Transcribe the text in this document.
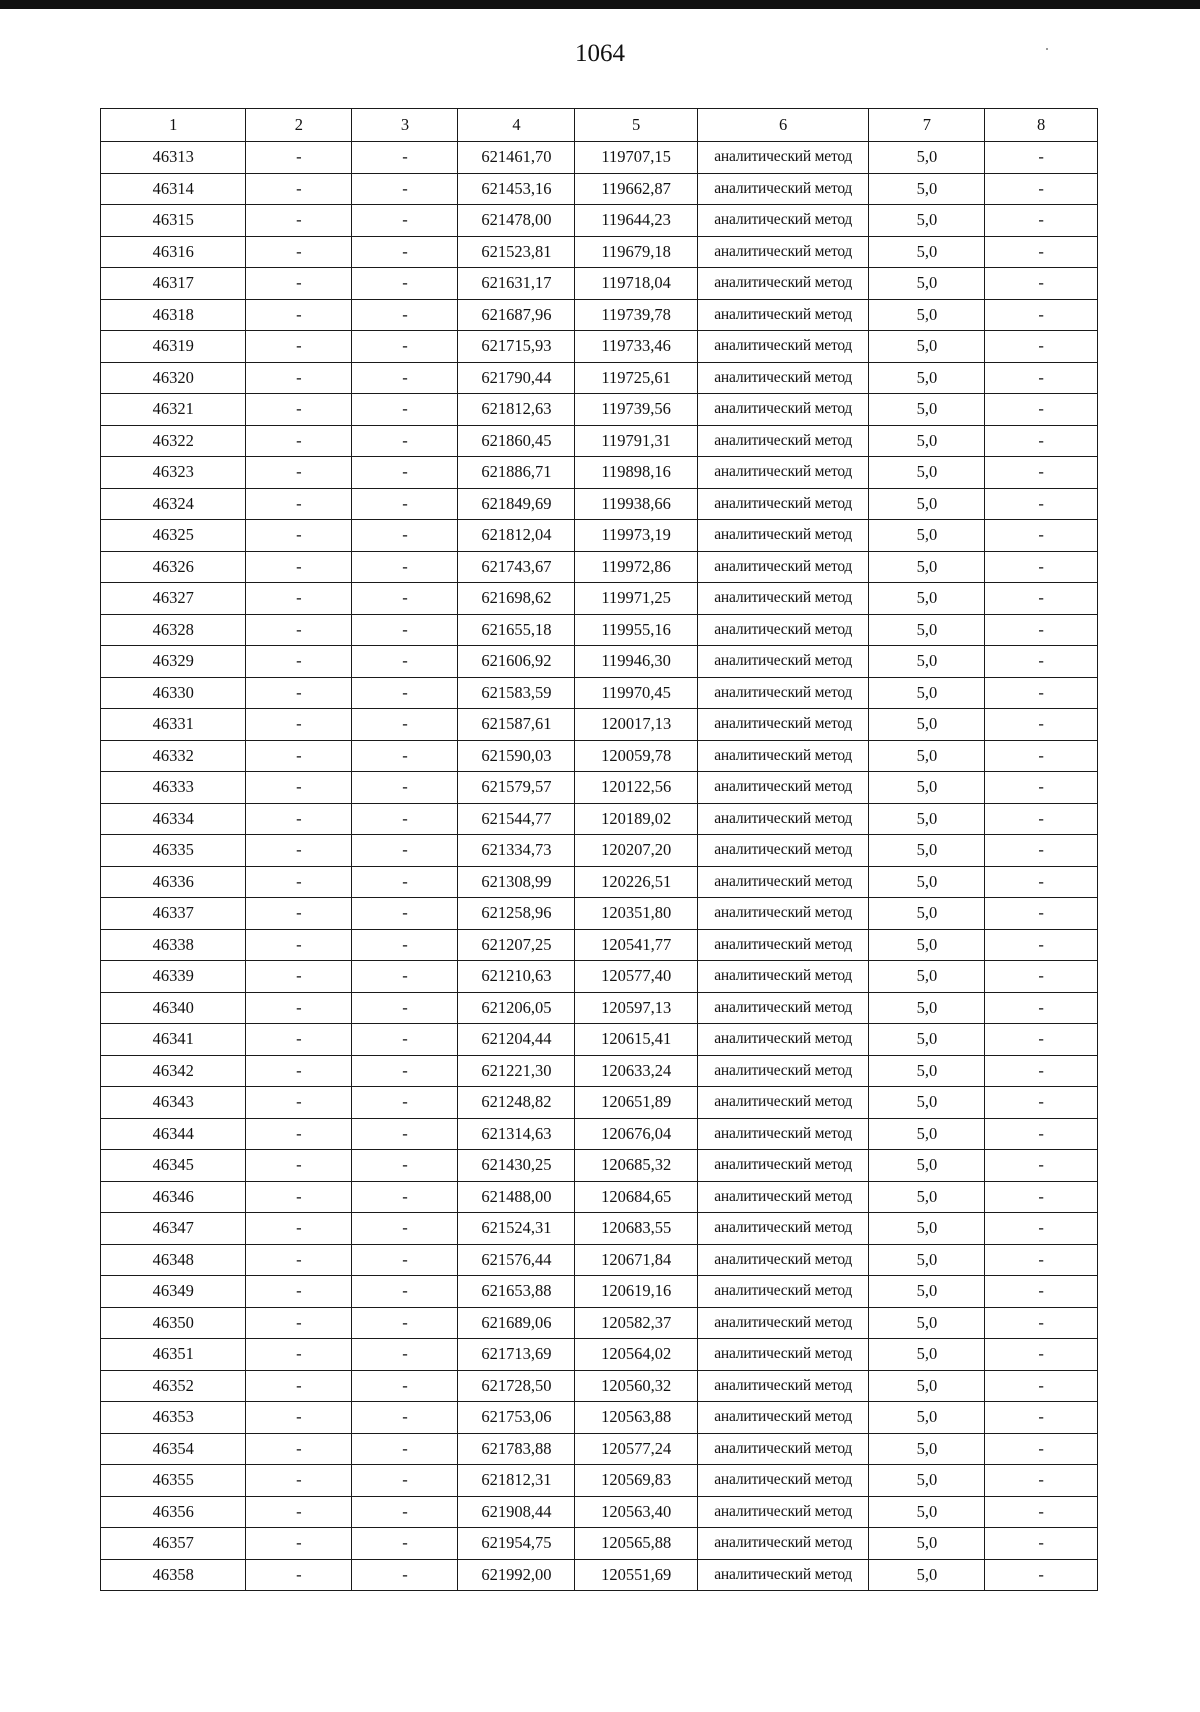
1064
1	2	3	4	5	6	7	8
46313	-	-	621461,70	119707,15	аналитический метод	5,0	-
46314	-	-	621453,16	119662,87	аналитический метод	5,0	-
46315	-	-	621478,00	119644,23	аналитический метод	5,0	-
46316	-	-	621523,81	119679,18	аналитический метод	5,0	-
46317	-	-	621631,17	119718,04	аналитический метод	5,0	-
46318	-	-	621687,96	119739,78	аналитический метод	5,0	-
46319	-	-	621715,93	119733,46	аналитический метод	5,0	-
46320	-	-	621790,44	119725,61	аналитический метод	5,0	-
46321	-	-	621812,63	119739,56	аналитический метод	5,0	-
46322	-	-	621860,45	119791,31	аналитический метод	5,0	-
46323	-	-	621886,71	119898,16	аналитический метод	5,0	-
46324	-	-	621849,69	119938,66	аналитический метод	5,0	-
46325	-	-	621812,04	119973,19	аналитический метод	5,0	-
46326	-	-	621743,67	119972,86	аналитический метод	5,0	-
46327	-	-	621698,62	119971,25	аналитический метод	5,0	-
46328	-	-	621655,18	119955,16	аналитический метод	5,0	-
46329	-	-	621606,92	119946,30	аналитический метод	5,0	-
46330	-	-	621583,59	119970,45	аналитический метод	5,0	-
46331	-	-	621587,61	120017,13	аналитический метод	5,0	-
46332	-	-	621590,03	120059,78	аналитический метод	5,0	-
46333	-	-	621579,57	120122,56	аналитический метод	5,0	-
46334	-	-	621544,77	120189,02	аналитический метод	5,0	-
46335	-	-	621334,73	120207,20	аналитический метод	5,0	-
46336	-	-	621308,99	120226,51	аналитический метод	5,0	-
46337	-	-	621258,96	120351,80	аналитический метод	5,0	-
46338	-	-	621207,25	120541,77	аналитический метод	5,0	-
46339	-	-	621210,63	120577,40	аналитический метод	5,0	-
46340	-	-	621206,05	120597,13	аналитический метод	5,0	-
46341	-	-	621204,44	120615,41	аналитический метод	5,0	-
46342	-	-	621221,30	120633,24	аналитический метод	5,0	-
46343	-	-	621248,82	120651,89	аналитический метод	5,0	-
46344	-	-	621314,63	120676,04	аналитический метод	5,0	-
46345	-	-	621430,25	120685,32	аналитический метод	5,0	-
46346	-	-	621488,00	120684,65	аналитический метод	5,0	-
46347	-	-	621524,31	120683,55	аналитический метод	5,0	-
46348	-	-	621576,44	120671,84	аналитический метод	5,0	-
46349	-	-	621653,88	120619,16	аналитический метод	5,0	-
46350	-	-	621689,06	120582,37	аналитический метод	5,0	-
46351	-	-	621713,69	120564,02	аналитический метод	5,0	-
46352	-	-	621728,50	120560,32	аналитический метод	5,0	-
46353	-	-	621753,06	120563,88	аналитический метод	5,0	-
46354	-	-	621783,88	120577,24	аналитический метод	5,0	-
46355	-	-	621812,31	120569,83	аналитический метод	5,0	-
46356	-	-	621908,44	120563,40	аналитический метод	5,0	-
46357	-	-	621954,75	120565,88	аналитический метод	5,0	-
46358	-	-	621992,00	120551,69	аналитический метод	5,0	-
